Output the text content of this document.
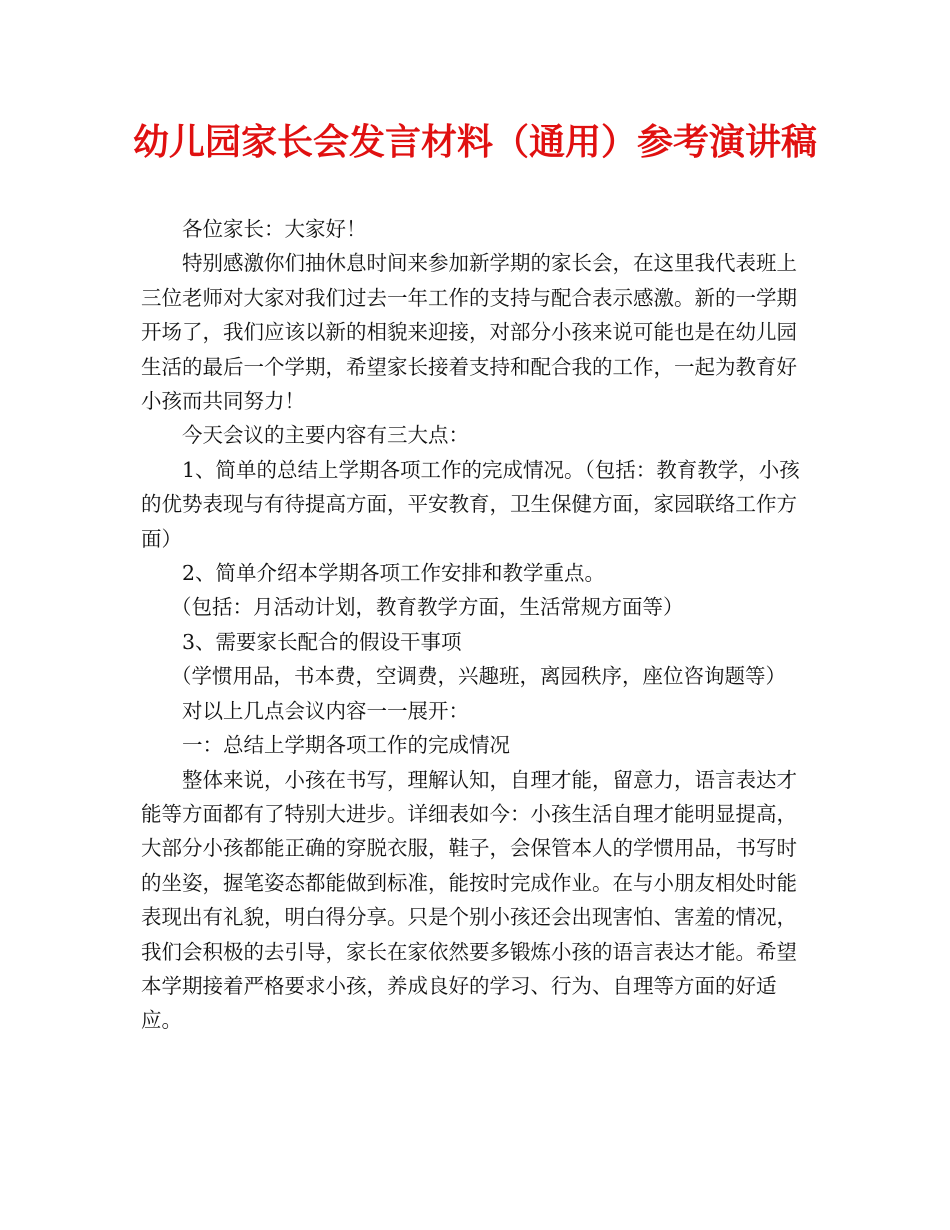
幼儿园家长会发言材料（通用）参考演讲稿

各位家长：大家好！

特别感激你们抽休息时间来参加新学期的家长会，在这里我代表班上三位老师对大家对我们过去一年工作的支持与配合表示感激。新的一学期开场了，我们应该以新的相貌来迎接，对部分小孩来说可能也是在幼儿园生活的最后一个学期，希望家长接着支持和配合我的工作，一起为教育好小孩而共同努力！

今天会议的主要内容有三大点：

1、简单的总结上学期各项工作的完成情况。（包括：教育教学，小孩的优势表现与有待提高方面，平安教育，卫生保健方面，家园联络工作方面）

2、简单介绍本学期各项工作安排和教学重点。

（包括：月活动计划，教育教学方面，生活常规方面等）

3、需要家长配合的假设干事项

（学惯用品，书本费，空调费，兴趣班，离园秩序，座位咨询题等）

对以上几点会议内容一一展开：

一：总结上学期各项工作的完成情况

整体来说，小孩在书写，理解认知，自理才能，留意力，语言表达才能等方面都有了特别大进步。详细表如今：小孩生活自理才能明显提高，大部分小孩都能正确的穿脱衣服，鞋子，会保管本人的学惯用品，书写时的坐姿，握笔姿态都能做到标准，能按时完成作业。在与小朋友相处时能表现出有礼貌，明白得分享。只是个别小孩还会出现害怕、害羞的情况，我们会积极的去引导，家长在家依然要多锻炼小孩的语言表达才能。希望本学期接着严格要求小孩，养成良好的学习、行为、自理等方面的好适应。
